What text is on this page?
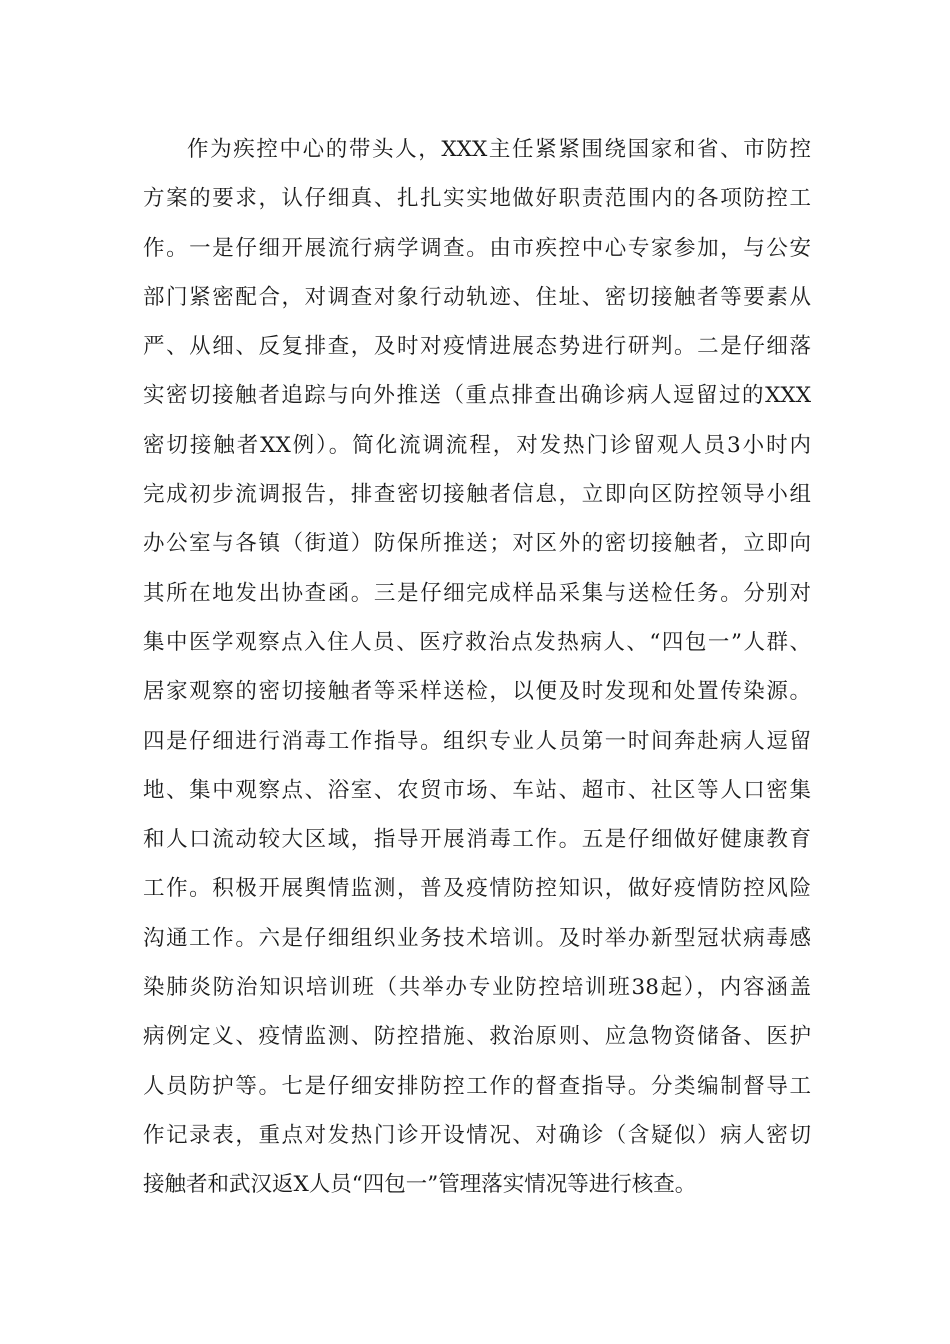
作为疾控中心的带头人，XXX主任紧紧围绕国家和省、市防控
方案的要求，认仔细真、扎扎实实地做好职责范围内的各项防控工
作。一是仔细开展流行病学调查。由市疾控中心专家参加，与公安
部门紧密配合，对调查对象行动轨迹、住址、密切接触者等要素从
严、从细、反复排查，及时对疫情进展态势进行研判。二是仔细落
实密切接触者追踪与向外推送（重点排查出确诊病人逗留过的XXX
密切接触者XX例）。简化流调流程，对发热门诊留观人员3小时内
完成初步流调报告，排查密切接触者信息，立即向区防控领导小组
办公室与各镇（街道）防保所推送；对区外的密切接触者，立即向
其所在地发出协查函。三是仔细完成样品采集与送检任务。分别对
集中医学观察点入住人员、医疗救治点发热病人、“四包一”人群、
居家观察的密切接触者等采样送检，以便及时发现和处置传染源。
四是仔细进行消毒工作指导。组织专业人员第一时间奔赴病人逗留
地、集中观察点、浴室、农贸市场、车站、超市、社区等人口密集
和人口流动较大区域，指导开展消毒工作。五是仔细做好健康教育
工作。积极开展舆情监测，普及疫情防控知识，做好疫情防控风险
沟通工作。六是仔细组织业务技术培训。及时举办新型冠状病毒感
染肺炎防治知识培训班（共举办专业防控培训班38起），内容涵盖
病例定义、疫情监测、防控措施、救治原则、应急物资储备、医护
人员防护等。七是仔细安排防控工作的督查指导。分类编制督导工
作记录表，重点对发热门诊开设情况、对确诊（含疑似）病人密切
接触者和武汉返X人员“四包一”管理落实情况等进行核查。
